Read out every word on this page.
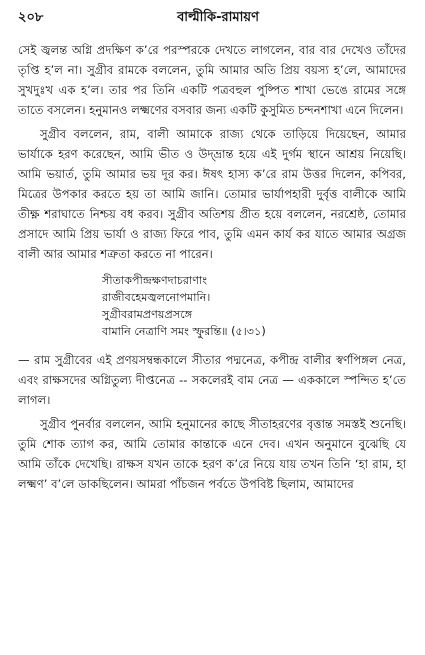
২০৮	বাল্মীকি-রামায়ণ

সেই জ্বলন্ত অগ্নি প্রদক্ষিণ ক’রে পরস্পরকে দেখতে লাগলেন, বার বার দেখেও তাঁদের তৃপ্তি হ’ল না। সুগ্রীব রামকে বললেন, তুমি আমার অতি প্রিয় বয়স্য হ’লে, আমাদের সুখদুঃখ এক হ’ল। তার পর তিনি একটি পত্রবহুল পুষ্পিত শাখা ভেঙে রামের সঙ্গে তাতে বসলেন। হনুমানও লক্ষ্মণের বসবার জন্য একটি কুসুমিত চন্দনশাখা এনে দিলেন।

সুগ্রীব বললেন, রাম, বালী আমাকে রাজ্য থেকে তাড়িয়ে দিয়েছেন, আমার ভার্যাকে হরণ করেছেন, আমি ভীত ও উদ্‌ভ্রান্ত হয়ে এই দুর্গম স্থানে আশ্রয় নিয়েছি। আমি ভয়ার্ত, তুমি আমার ভয় দূর কর। ঈষৎ হাস্য ক’রে রাম উত্তর দিলেন, কপিবর, মিত্রের উপকার করতে হয় তা আমি জানি। তোমার ভার্যাপহারী দুর্বৃত্ত বালীকে আমি তীক্ষ্ণ শরাঘাতে নিশ্চয় বধ করব। সুগ্রীব অতিশয় প্রীত হয়ে বললেন, নরশ্রেষ্ঠ, তোমার প্রসাদে আমি প্রিয় ভার্যা ও রাজ্য ফিরে পাব, তুমি এমন কার্য কর যাতে আমার অগ্রজ বালী আর আমার শত্রুতা করতে না পারেন।

সীতাকপীন্দ্রক্ষণদাচরাণাং
রাজীবহেমজ্বলনোপমানি।
সুগ্রীবরামপ্রণয়প্রসঙ্গে
বামানি নেত্রাণি সমং স্ফুরন্তি॥ (৫।৩১)

— রাম সুগ্রীবের এই প্রণয়সম্বন্ধকালে সীতার পদ্মনেত্র, কপীন্দ্র বালীর স্বর্ণপিঙ্গল নেত্র, এবং রাক্ষসদের অগ্নিতুল্য দীপ্তনেত্র -- সকলেরই বাম নেত্র — এককালে স্পন্দিত হ’তে লাগল।

সুগ্রীব পুনর্বার বললেন, আমি হনুমানের কাছে সীতাহরণের বৃত্তান্ত সমস্তই শুনেছি। তুমি শোক ত্যাগ কর, আমি তোমার কান্তাকে এনে দেব। এখন অনুমানে বুঝেছি যে আমি তাঁকে দেখেছি। রাক্ষস যখন তাকে হরণ ক’রে নিয়ে যায় তখন তিনি ‘হা রাম, হা লক্ষ্মণ’ ব’লে ডাকছিলেন। আমরা পাঁচজন পর্বতে উপবিষ্ট ছিলাম, আমাদের
